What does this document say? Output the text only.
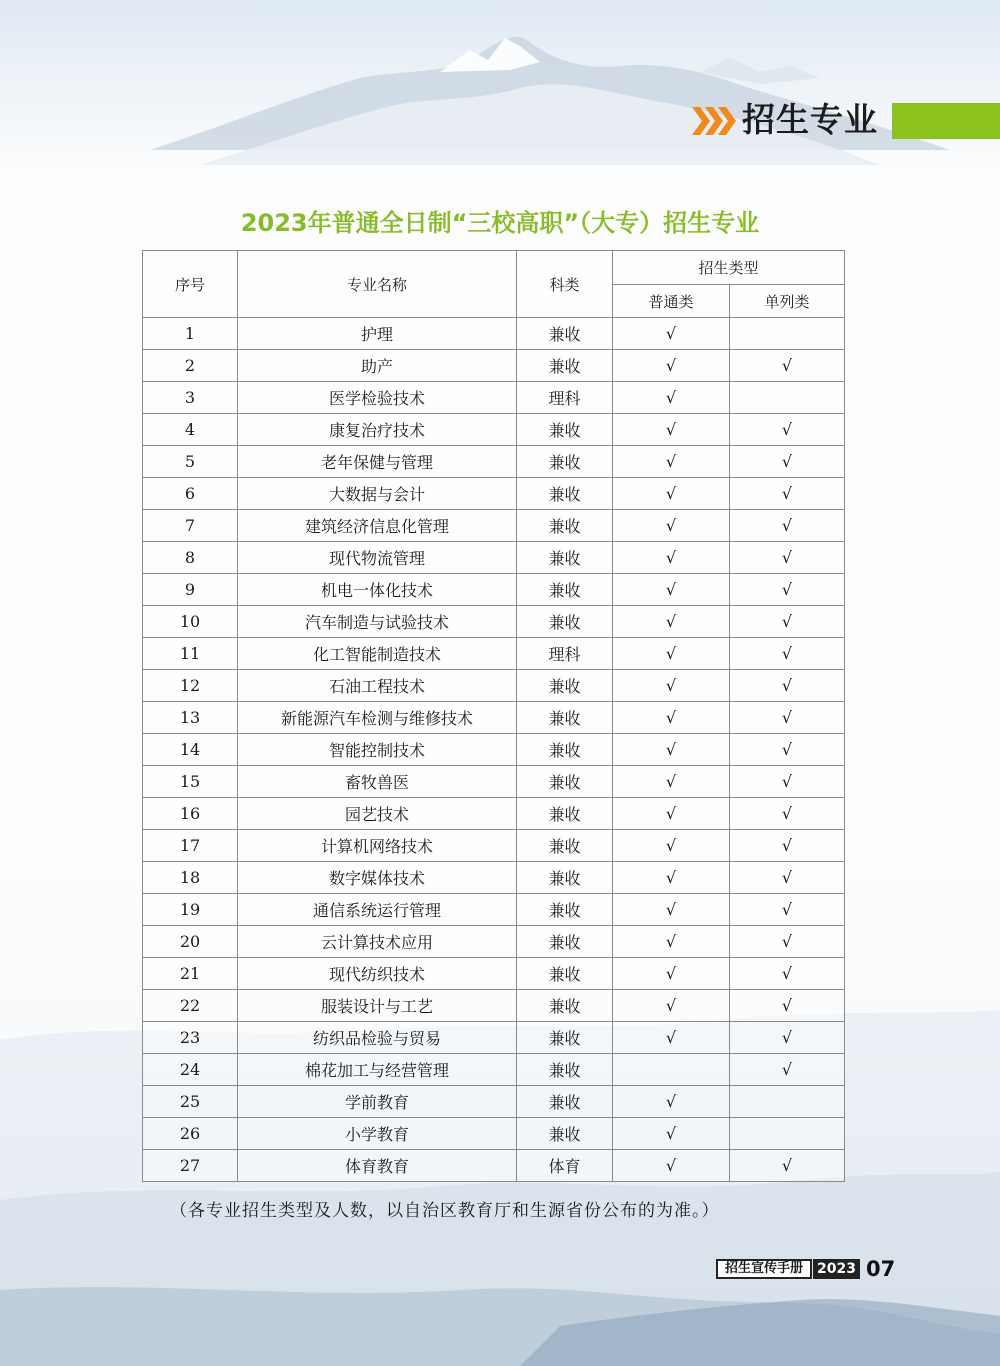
招生专业
2023年普通全日制“三校高职”（大专）招生专业
序号	专业名称	科类	招生类型	
			普通类	单列类
1	护理	兼收	√	
2	助产	兼收	√	√
3	医学检验技术	理科	√	
4	康复治疗技术	兼收	√	√
5	老年保健与管理	兼收	√	√
6	大数据与会计	兼收	√	√
7	建筑经济信息化管理	兼收	√	√
8	现代物流管理	兼收	√	√
9	机电一体化技术	兼收	√	√
10	汽车制造与试验技术	兼收	√	√
11	化工智能制造技术	理科	√	√
12	石油工程技术	兼收	√	√
13	新能源汽车检测与维修技术	兼收	√	√
14	智能控制技术	兼收	√	√
15	畜牧兽医	兼收	√	√
16	园艺技术	兼收	√	√
17	计算机网络技术	兼收	√	√
18	数字媒体技术	兼收	√	√
19	通信系统运行管理	兼收	√	√
20	云计算技术应用	兼收	√	√
21	现代纺织技术	兼收	√	√
22	服装设计与工艺	兼收	√	√
23	纺织品检验与贸易	兼收	√	√
24	棉花加工与经营管理	兼收		√
25	学前教育	兼收	√	
26	小学教育	兼收	√	
27	体育教育	体育	√	√
（各专业招生类型及人数，以自治区教育厅和生源省份公布的为准。）
招生宣传手册	2023 07
